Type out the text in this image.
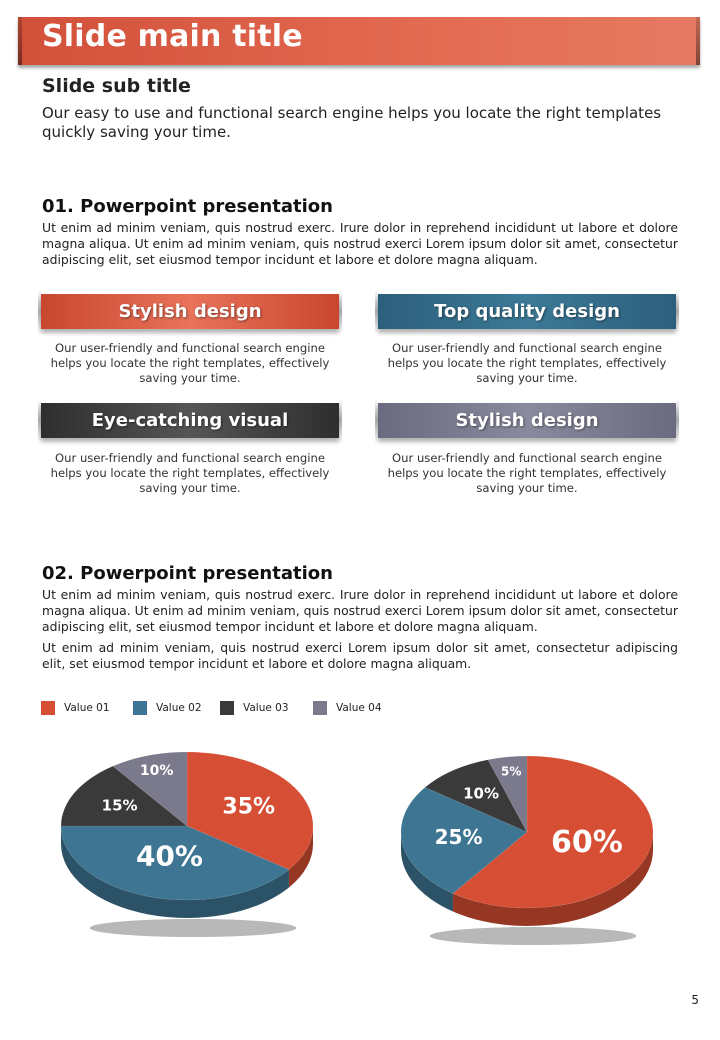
Slide main title
Slide sub title
Our easy to use and functional search engine helps you locate the right templates quickly saving your time.
01. Powerpoint presentation
Ut enim ad minim veniam, quis nostrud exerc. Irure dolor in reprehend incididunt ut labore et dolore magna aliqua. Ut enim ad minim veniam, quis nostrud exerci Lorem ipsum dolor sit amet, consectetur adipiscing elit, set eiusmod tempor incidunt et labore et dolore magna aliquam.
Stylish design
Our user-friendly and functional search engine helps you locate the right templates, effectively saving your time.
Top quality design
Our user-friendly and functional search engine helps you locate the right templates, effectively saving your time.
Eye-catching visual
Our user-friendly and functional search engine helps you locate the right templates, effectively saving your time.
Stylish design
Our user-friendly and functional search engine helps you locate the right templates, effectively saving your time.
02. Powerpoint presentation
Ut enim ad minim veniam, quis nostrud exerc. Irure dolor in reprehend incididunt ut labore et dolore magna aliqua. Ut enim ad minim veniam, quis nostrud exerci Lorem ipsum dolor sit amet, consectetur adipiscing elit, set eiusmod tempor incidunt et labore et dolore magna aliquam.
Ut enim ad minim veniam, quis nostrud exerci Lorem ipsum dolor sit amet, consectetur adipiscing elit, set eiusmod tempor incidunt et labore et dolore magna aliquam.
Value 01	Value 02	Value 03	Value 04
35%
40%
15%
10%
60%
25%
10%
5%
5
